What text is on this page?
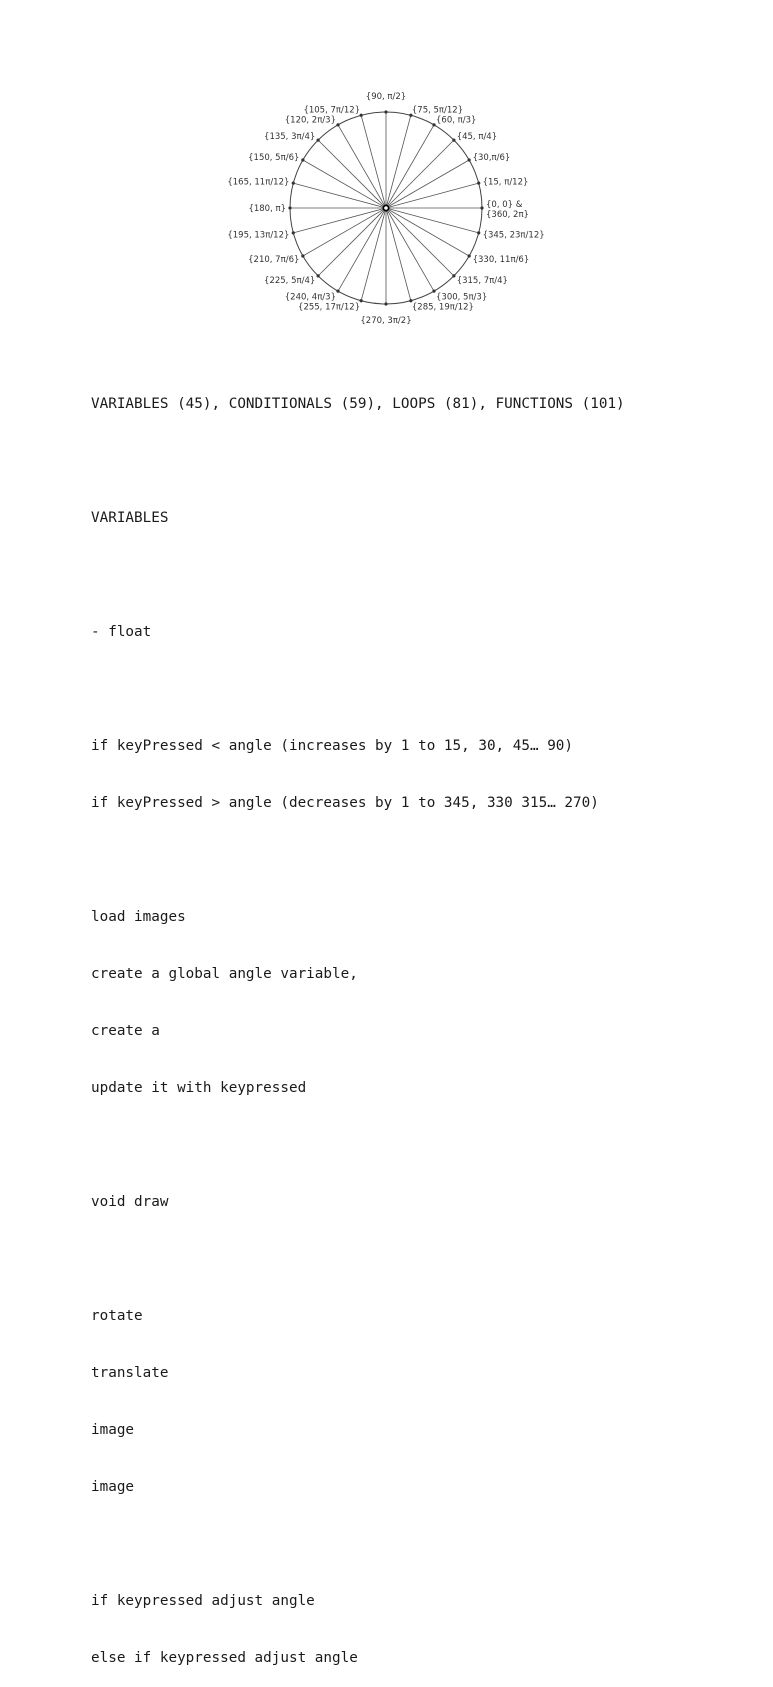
{0, 0} & {360, 2π}
{15, π/12}
{30,π/6}
{45, π/4}
{60, π/3}
{75, 5π/12}
{90, π/2}
{105, 7π/12}
{120, 2π/3}
{135, 3π/4}
{150, 5π/6}
{165, 11π/12}
{180, π}
{195, 13π/12}
{210, 7π/6}
{225, 5π/4}
{240, 4π/3}
{255, 17π/12}
{270, 3π/2}
{285, 19π/12}
{300, 5π/3}
{315, 7π/4}
{330, 11π/6}
{345, 23π/12}

VARIABLES (45), CONDITIONALS (59), LOOPS (81), FUNCTIONS (101)

VARIABLES

- float

if keyPressed < angle (increases by 1 to 15, 30, 45… 90)

if keyPressed > angle (decreases by 1 to 345, 330 315… 270)

load images

create a global angle variable,

create a

update it with keypressed

void draw

rotate

translate

image

image

if keypressed adjust angle

else if keypressed adjust angle
